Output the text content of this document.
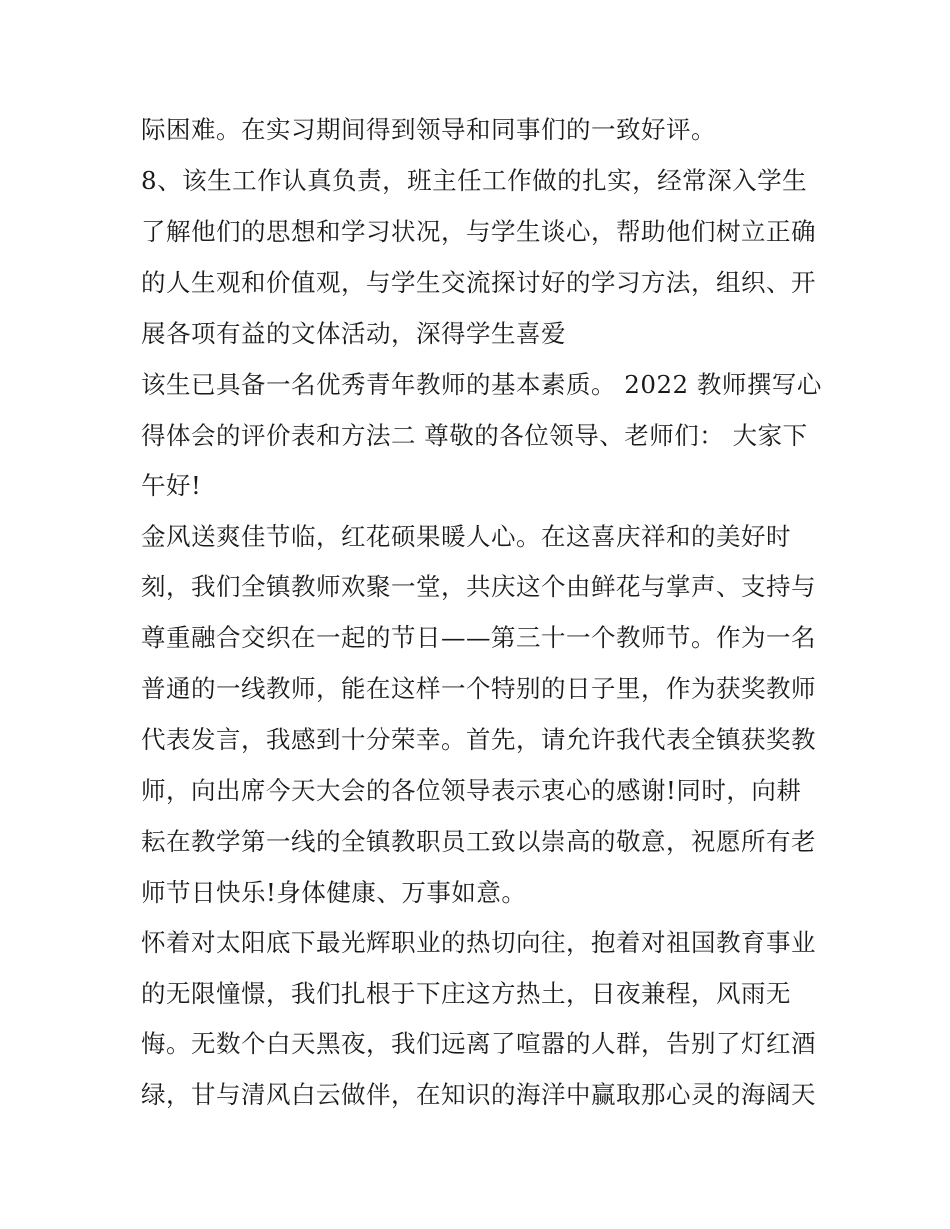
际困难。在实习期间得到领导和同事们的一致好评。
8、该生工作认真负责，班主任工作做的扎实，经常深入学生
了解他们的思想和学习状况，与学生谈心，帮助他们树立正确
的人生观和价值观，与学生交流探讨好的学习方法，组织、开
展各项有益的文体活动，深得学生喜爱
该生已具备一名优秀青年教师的基本素质。 2022 教师撰写心
得体会的评价表和方法二 尊敬的各位领导、老师们： 大家下
午好!
金风送爽佳节临，红花硕果暖人心。在这喜庆祥和的美好时
刻，我们全镇教师欢聚一堂，共庆这个由鲜花与掌声、支持与
尊重融合交织在一起的节日——第三十一个教师节。作为一名
普通的一线教师，能在这样一个特别的日子里，作为获奖教师
代表发言，我感到十分荣幸。首先，请允许我代表全镇获奖教
师，向出席今天大会的各位领导表示衷心的感谢!同时，向耕
耘在教学第一线的全镇教职员工致以崇高的敬意，祝愿所有老
师节日快乐!身体健康、万事如意。
怀着对太阳底下最光辉职业的热切向往，抱着对祖国教育事业
的无限憧憬，我们扎根于下庄这方热土，日夜兼程，风雨无
悔。无数个白天黑夜，我们远离了喧嚣的人群，告别了灯红酒
绿，甘与清风白云做伴，在知识的海洋中赢取那心灵的海阔天
